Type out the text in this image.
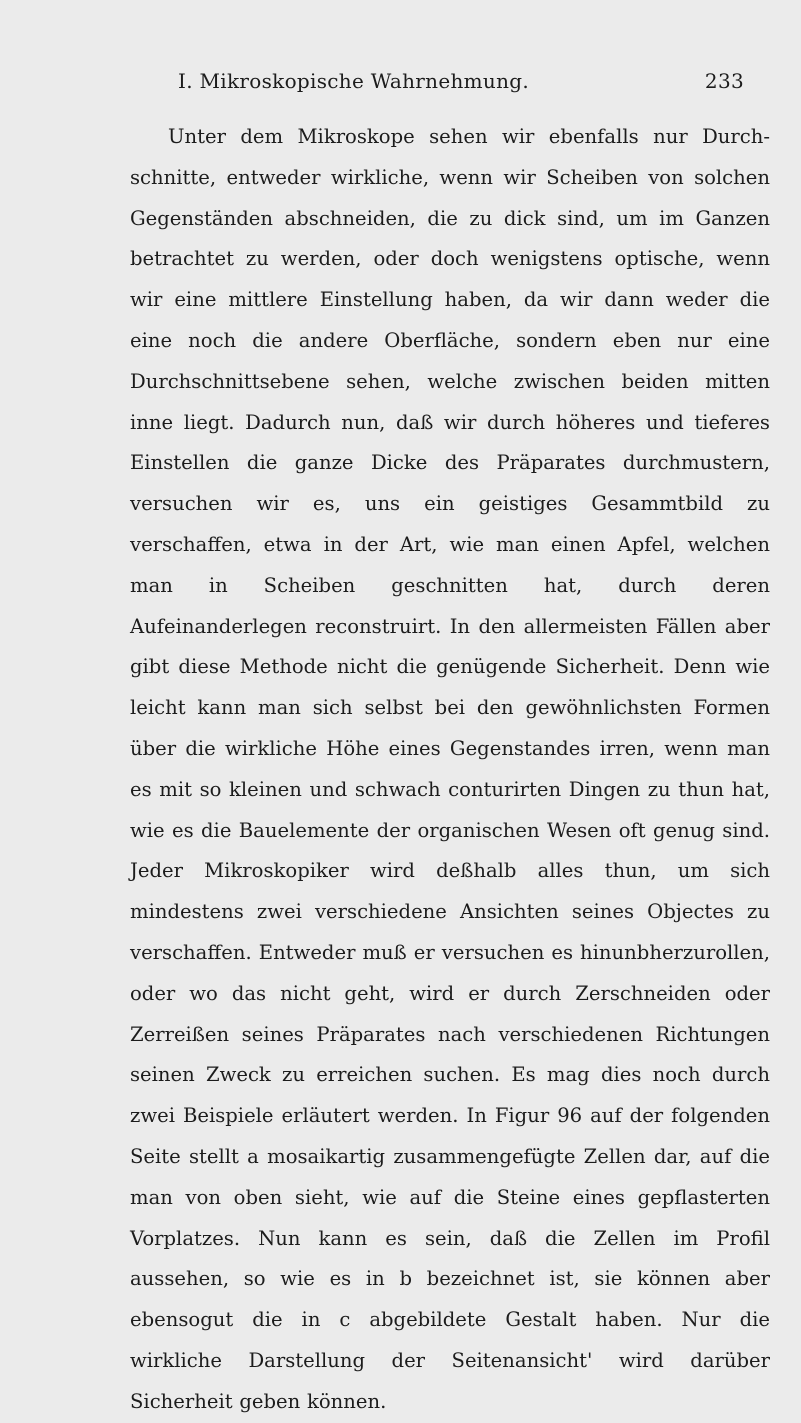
I. Mikroskopische Wahrnehmung.	233

Unter dem Mikroskope sehen wir ebenfalls nur Durchschnitte, entweder wirkliche, wenn wir Scheiben von solchen Gegenständen abschneiden, die zu dick sind, um im Ganzen betrachtet zu werden, oder doch wenigstens optische, wenn wir eine mittlere Einstellung haben, da wir dann weder die eine noch die andere Oberfläche, sondern eben nur eine Durchschnittsebene sehen, welche zwischen beiden mitten inne liegt. Dadurch nun, daß wir durch höheres und tieferes Einstellen die ganze Dicke des Präparates durchmustern, versuchen wir es, uns ein geistiges Gesammtbild zu verschaffen, etwa in der Art, wie man einen Apfel, welchen man in Scheiben geschnitten hat, durch deren Aufeinanderlegen reconstruirt. In den allermeisten Fällen aber gibt diese Methode nicht die genügende Sicherheit. Denn wie leicht kann man sich selbst bei den gewöhnlichsten Formen über die wirkliche Höhe eines Gegenstandes irren, wenn man es mit so kleinen und schwach conturirten Dingen zu thun hat, wie es die Bauelemente der organischen Wesen oft genug sind. Jeder Mikroskopiker wird deßhalb alles thun, um sich mindestens zwei verschiedene Ansichten seines Objectes zu verschaffen. Entweder muß er versuchen es hinunbherzurollen, oder wo das nicht geht, wird er durch Zerschneiden oder Zerreißen seines Präparates nach verschiedenen Richtungen seinen Zweck zu erreichen suchen. Es mag dies noch durch zwei Beispiele erläutert werden. In Figur 96 auf der folgenden Seite stellt a mosaikartig zusammengefügte Zellen dar, auf die man von oben sieht, wie auf die Steine eines gepflasterten Vorplatzes. Nun kann es sein, daß die Zellen im Profil aussehen, so wie es in b bezeichnet ist, sie können aber ebensogut die in c abgebildete Gestalt haben. Nur die wirkliche Darstellung der Seitenansicht' wird darüber Sicherheit geben können.
